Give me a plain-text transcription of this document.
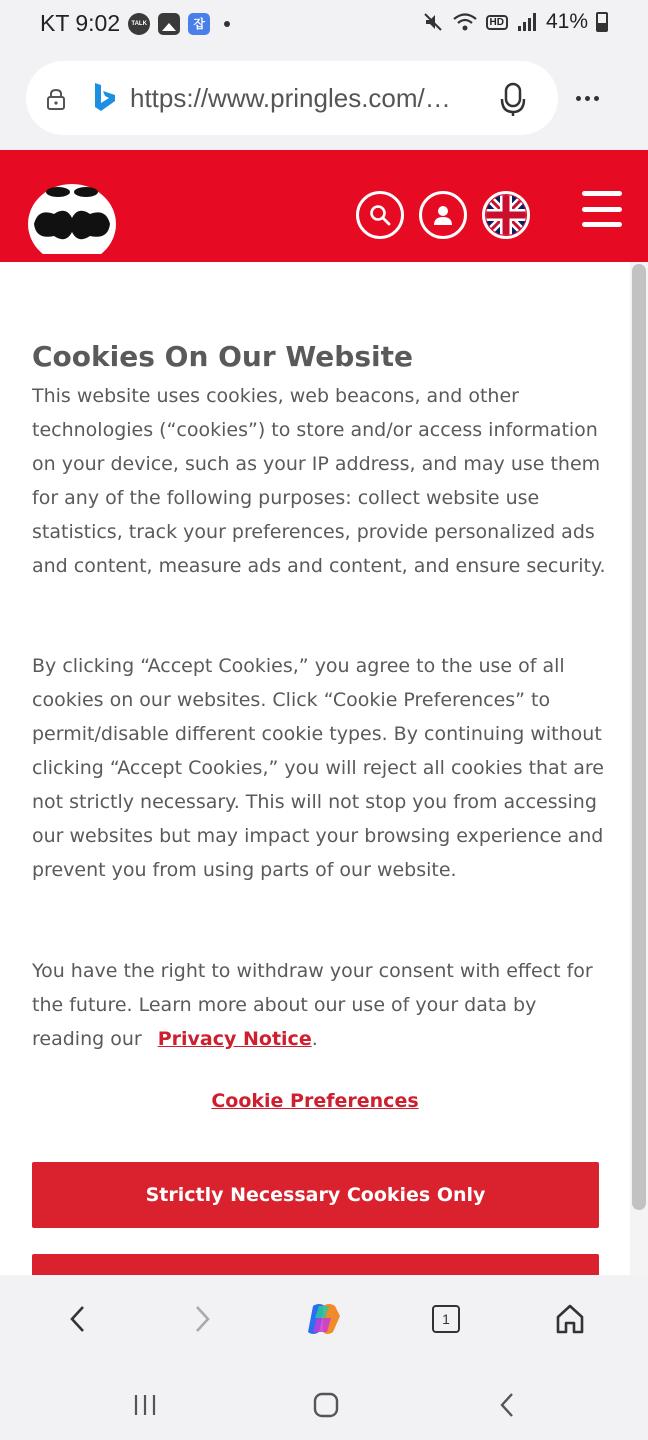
KT 9:02	TALK	잡	HD 41%
https://www.pringles.com/…
Cookies On Our Website

This website uses cookies, web beacons, and other technologies (“cookies”) to store and/or access information on your device, such as your IP address, and may use them for any of the following purposes: collect website use statistics, track your preferences, provide personalized ads and content, measure ads and content, and ensure security.

By clicking “Accept Cookies,” you agree to the use of all cookies on our websites. Click “Cookie Preferences” to permit/disable different cookie types. By continuing without clicking “Accept Cookies,” you will reject all cookies that are not strictly necessary. This will not stop you from accessing our websites but may impact your browsing experience and prevent you from using parts of our website.

You have the right to withdraw your consent with effect for the future. Learn more about our use of your data by reading our Privacy Notice.

Cookie Preferences
Strictly Necessary Cookies Only
1
